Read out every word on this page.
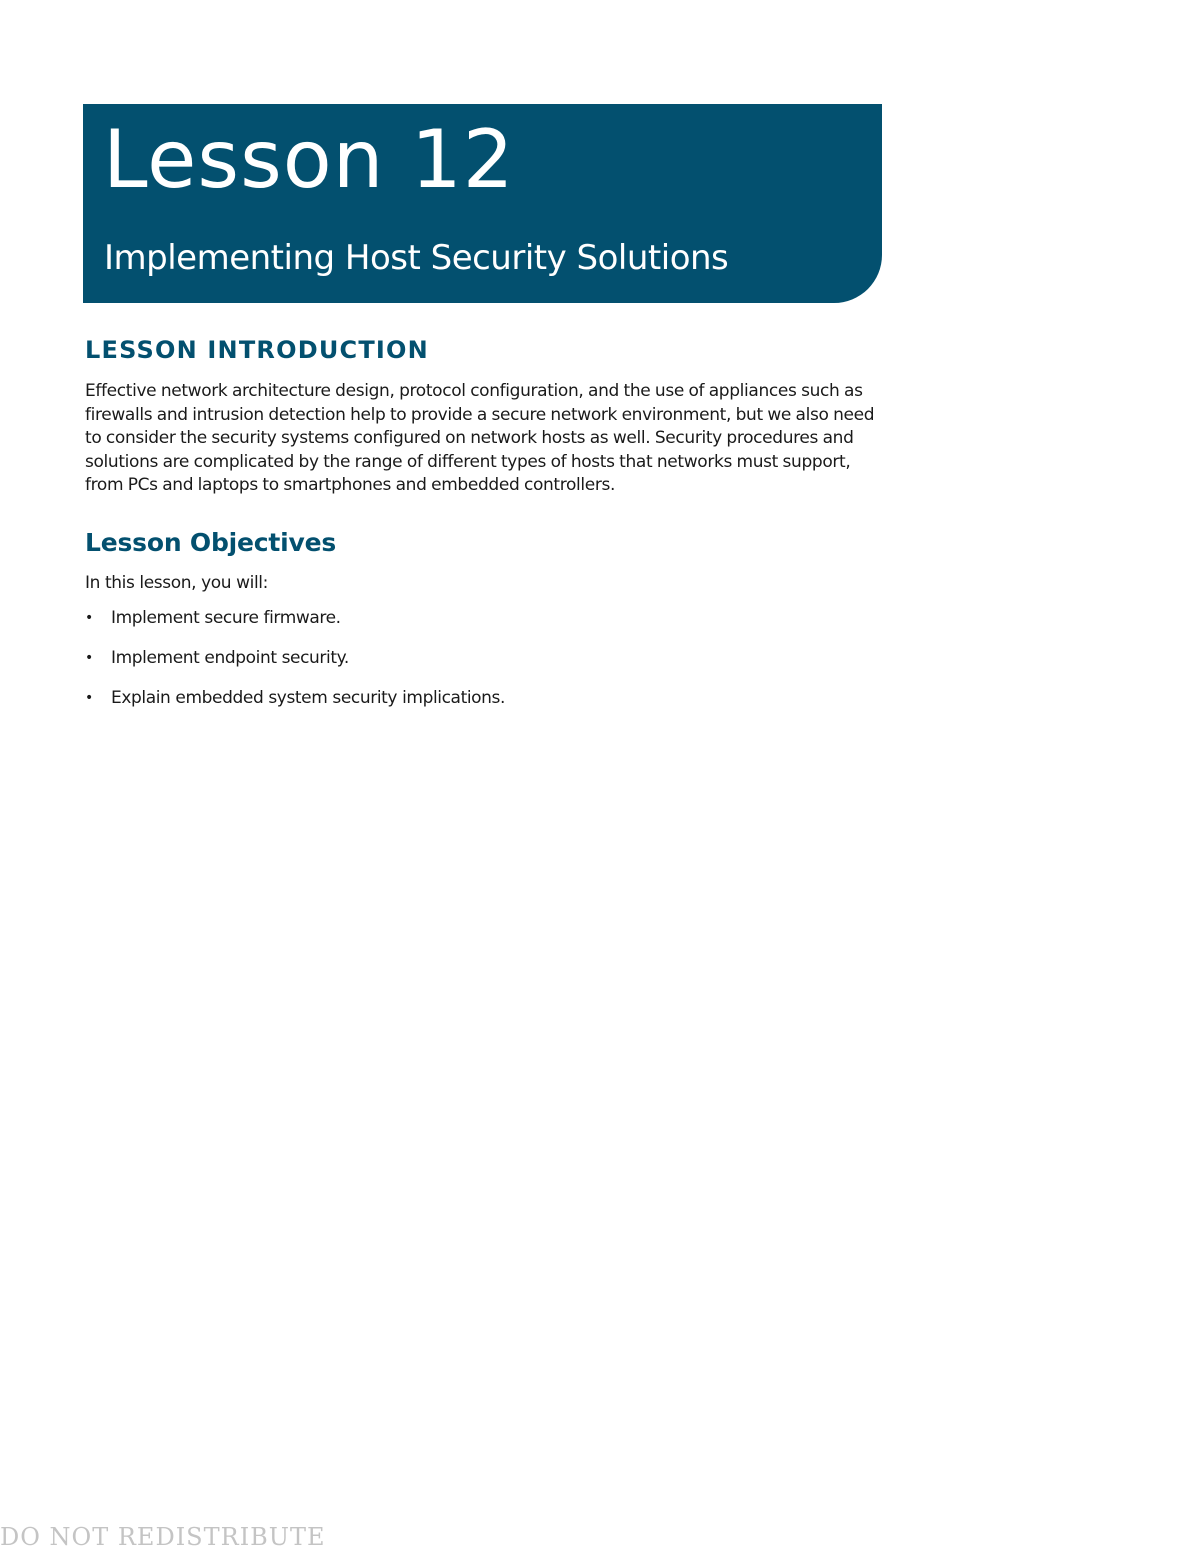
Lesson 12
Implementing Host Security Solutions
LESSON INTRODUCTION

Effective network architecture design, protocol configuration, and the use of appliances such as firewalls and intrusion detection help to provide a secure network environment, but we also need to consider the security systems configured on network hosts as well. Security procedures and solutions are complicated by the range of different types of hosts that networks must support, from PCs and laptops to smartphones and embedded controllers.

Lesson Objectives

In this lesson, you will:

• Implement secure firmware.
• Implement endpoint security.
• Explain embedded system security implications.
DO NOT REDISTRIBUTE
